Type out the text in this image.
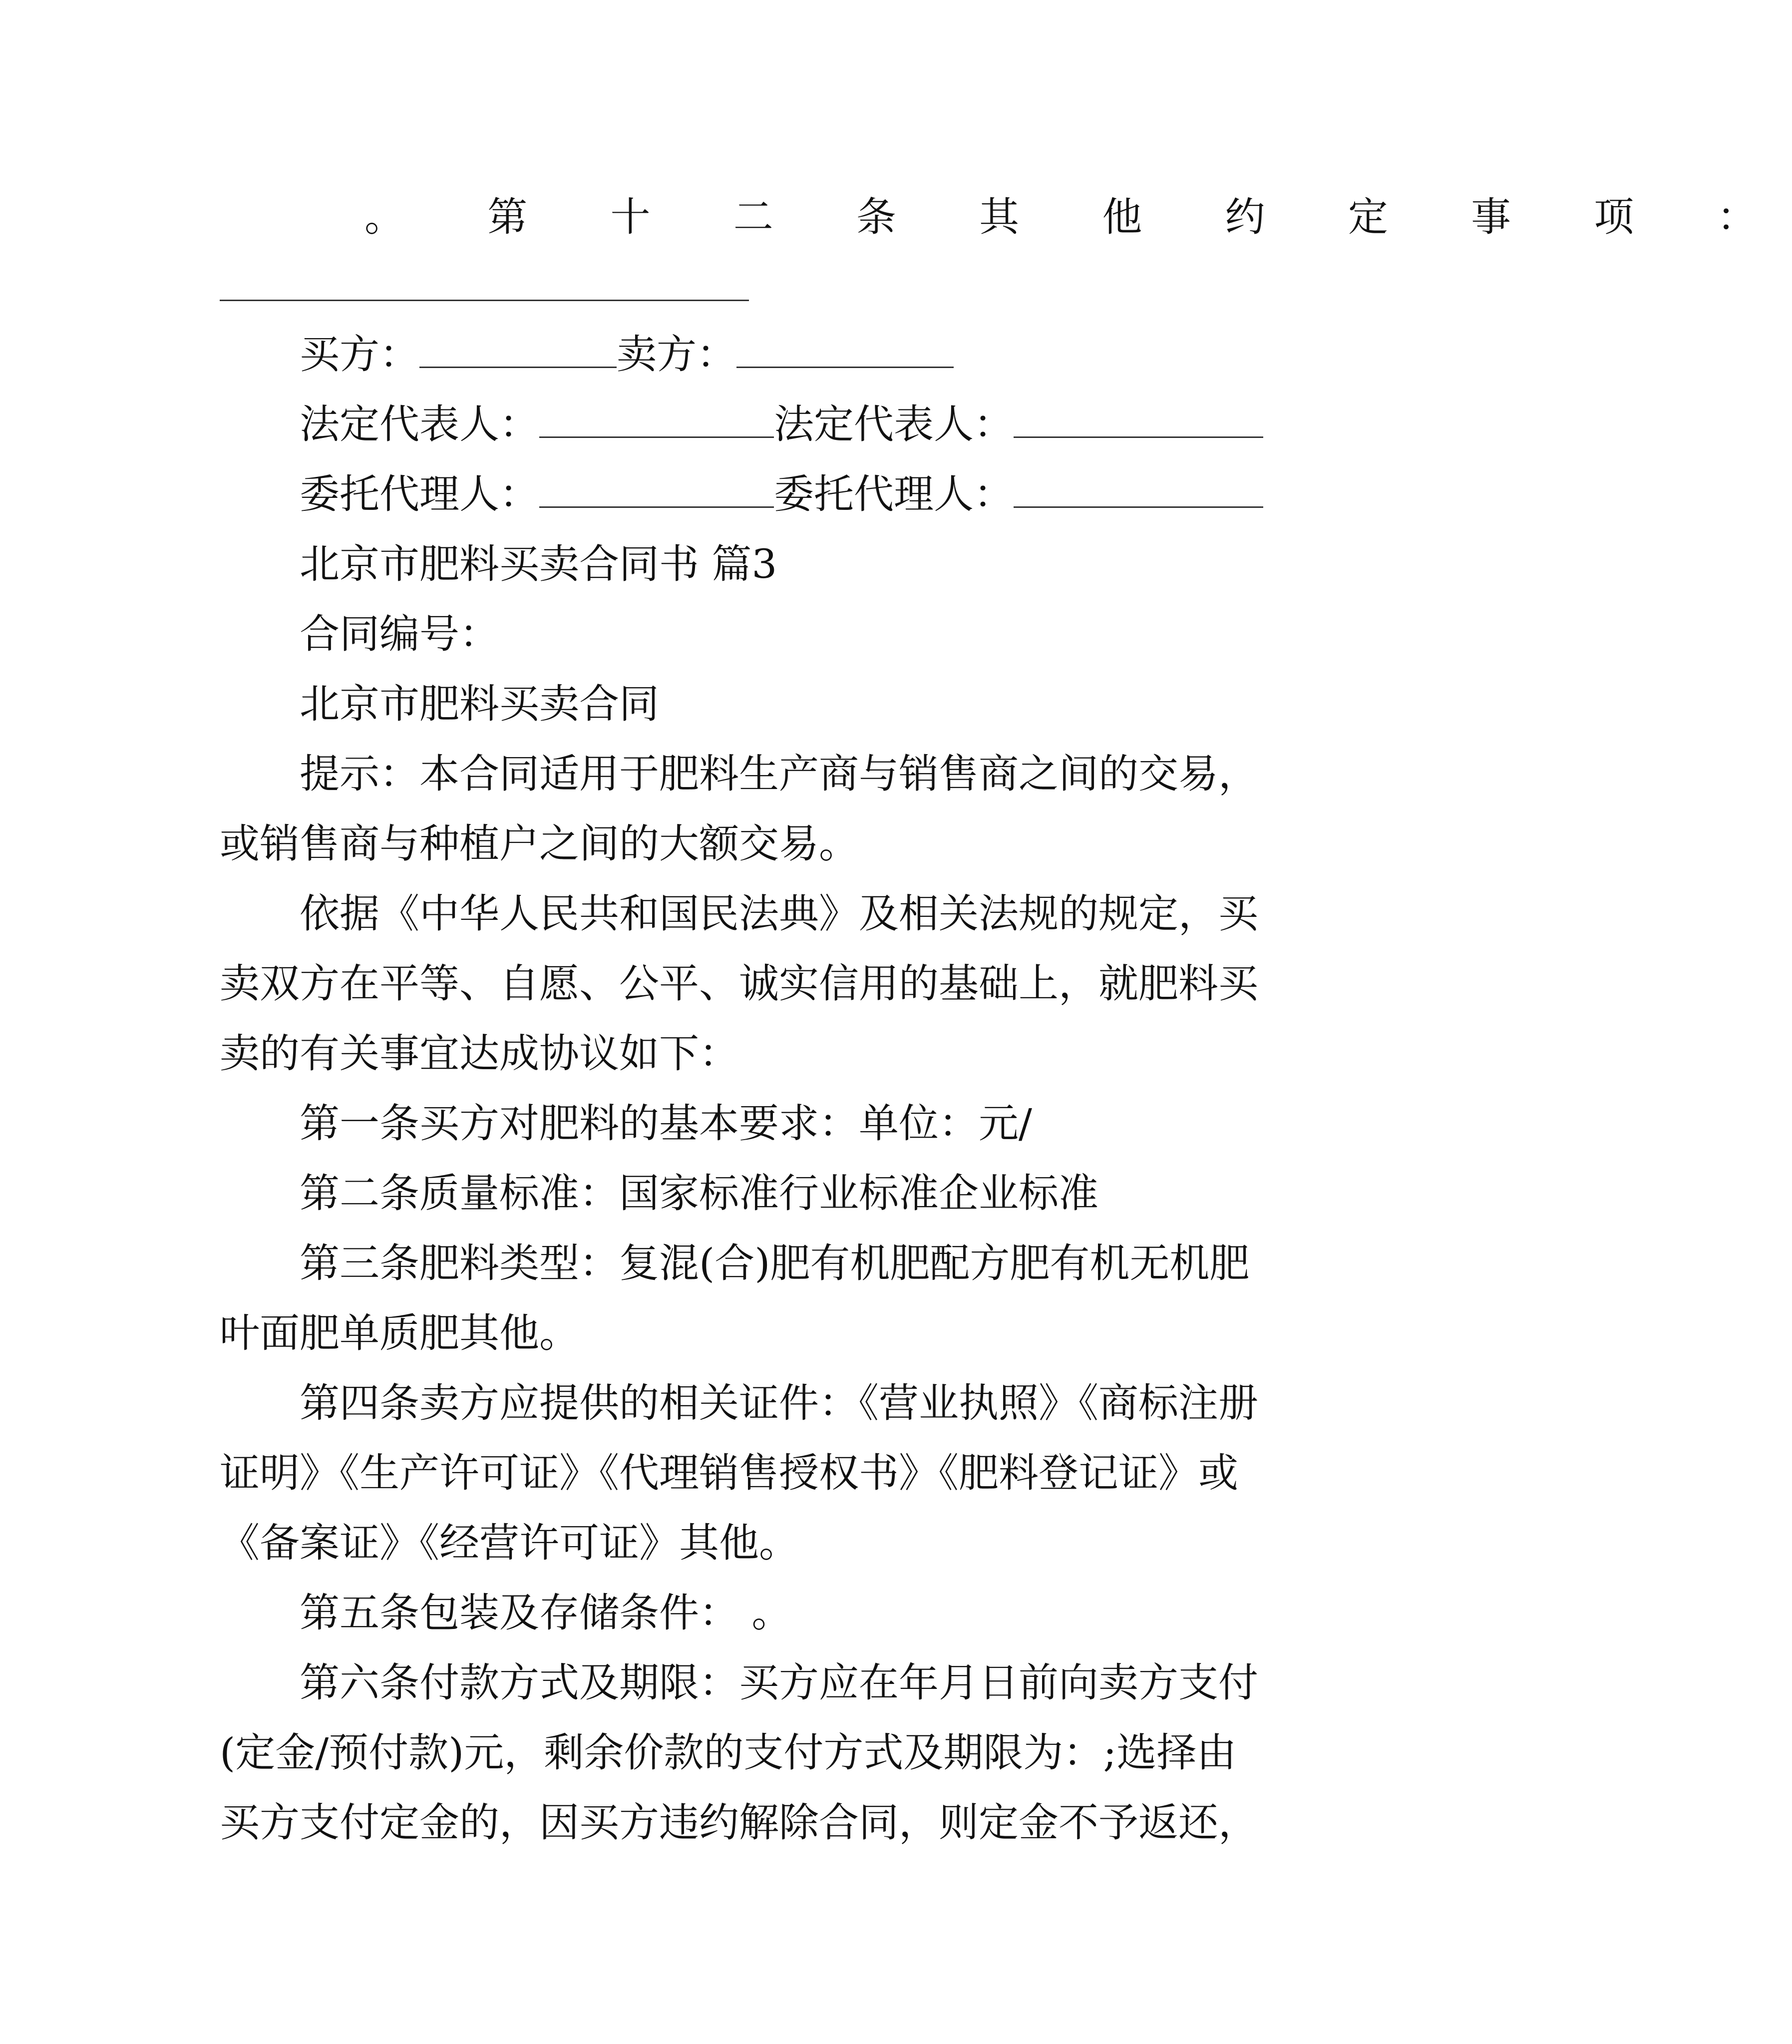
。 第 十 二 条 其 他 约 定 事 项 ：
买方：	卖方：
法定代表人：	法定代表人：
委托代理人：	委托代理人：
北京市肥料买卖合同书 篇3
合同编号：
北京市肥料买卖合同
提示：本合同适用于肥料生产商与销售商之间的交易，
或销售商与种植户之间的大额交易。
依据《中华人民共和国民法典》及相关法规的规定，买
卖双方在平等、自愿、公平、诚实信用的基础上，就肥料买
卖的有关事宜达成协议如下：
第一条买方对肥料的基本要求：单位：元/
第二条质量标准：国家标准行业标准企业标准
第三条肥料类型：复混(合)肥有机肥配方肥有机无机肥
叶面肥单质肥其他。
第四条卖方应提供的相关证件：《营业执照》《商标注册
证明》《生产许可证》《代理销售授权书》《肥料登记证》或
《备案证》《经营许可证》其他。
第五条包装及存储条件： 。
第六条付款方式及期限：买方应在年月日前向卖方支付
(定金/预付款)元，剩余价款的支付方式及期限为：;选择由
买方支付定金的，因买方违约解除合同，则定金不予返还，
